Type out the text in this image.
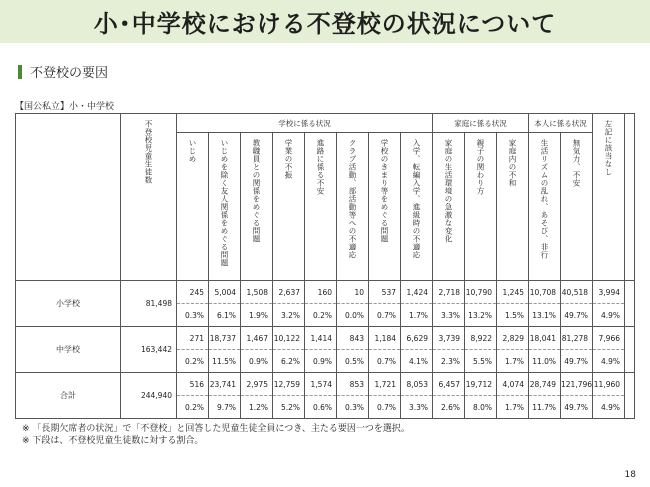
小･中学校における不登校の状況について
不登校の要因
【国公私立】小・中学校
	不登校児童生徒数	学校に係る状況								家庭に係る状況			本人に係る状況		左記に該当なし	
		いじめ	いじめを除く友人関係をめぐる問題	教職員との関係をめぐる問題	学業の不振	進路に係る不安	クラブ活動、部活動等への不適応	学校のきまり等をめぐる問題	入学、転編入学、進級時の不適応	家庭の生活環境の急激な変化	親子の関わり方	家庭内の不和	生活リズムの乱れ、あそび、非行	無気力、不安		
小学校	81,498	245	5,004	1,508	2,637	160	10	537	1,424	2,718	10,790	1,245	10,708	40,518	3,994	
		0.3%	6.1%	1.9%	3.2%	0.2%	0.0%	0.7%	1.7%	3.3%	13.2%	1.5%	13.1%	49.7%	4.9%	
中学校	163,442	271	18,737	1,467	10,122	1,414	843	1,184	6,629	3,739	8,922	2,829	18,041	81,278	7,966	
		0.2%	11.5%	0.9%	6.2%	0.9%	0.5%	0.7%	4.1%	2.3%	5.5%	1.7%	11.0%	49.7%	4.9%	
合計	244,940	516	23,741	2,975	12,759	1,574	853	1,721	8,053	6,457	19,712	4,074	28,749	121,796	11,960	
		0.2%	9.7%	1.2%	5.2%	0.6%	0.3%	0.7%	3.3%	2.6%	8.0%	1.7%	11.7%	49.7%	4.9%	
※ 「長期欠席者の状況」で「不登校」と回答した児童生徒全員につき、主たる要因一つを選択。
※ 下段は、不登校児童生徒数に対する割合。
18
